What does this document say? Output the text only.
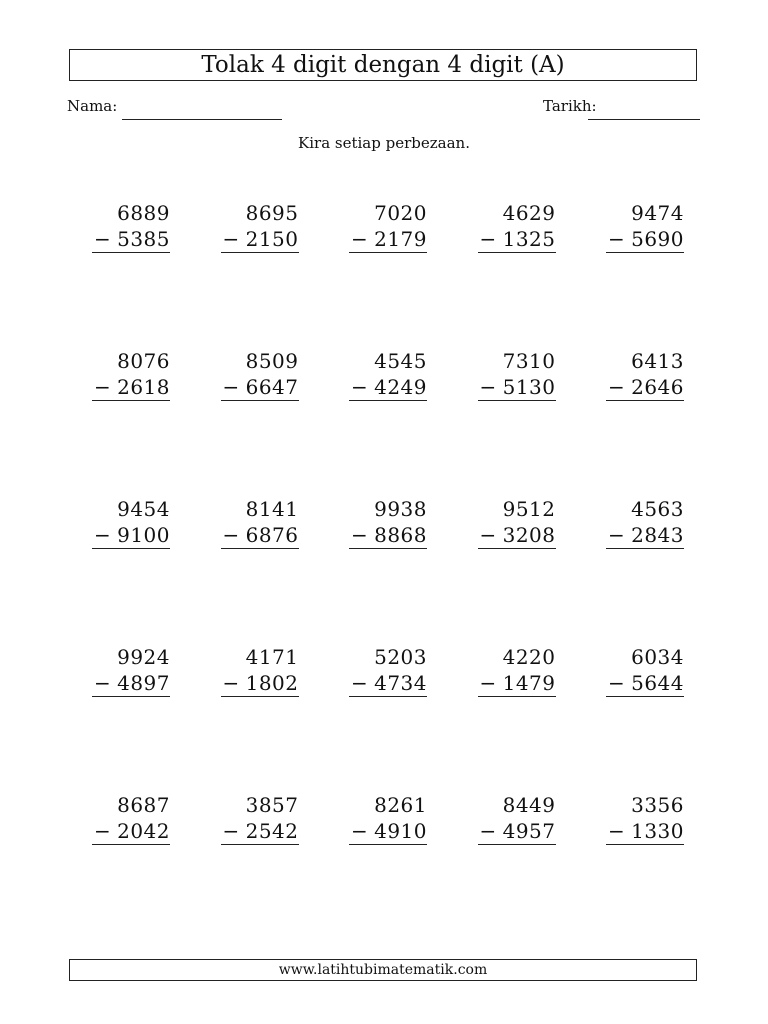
Tolak 4 digit dengan 4 digit (A)
Nama:	Tarikh:
Kira setiap perbezaan.
6889
− 5385
8695
− 2150
7020
− 2179
4629
− 1325
9474
− 5690
8076
− 2618
8509
− 6647
4545
− 4249
7310
− 5130
6413
− 2646
9454
− 9100
8141
− 6876
9938
− 8868
9512
− 3208
4563
− 2843
9924
− 4897
4171
− 1802
5203
− 4734
4220
− 1479
6034
− 5644
8687
− 2042
3857
− 2542
8261
− 4910
8449
− 4957
3356
− 1330
www.latihtubimatematik.com
